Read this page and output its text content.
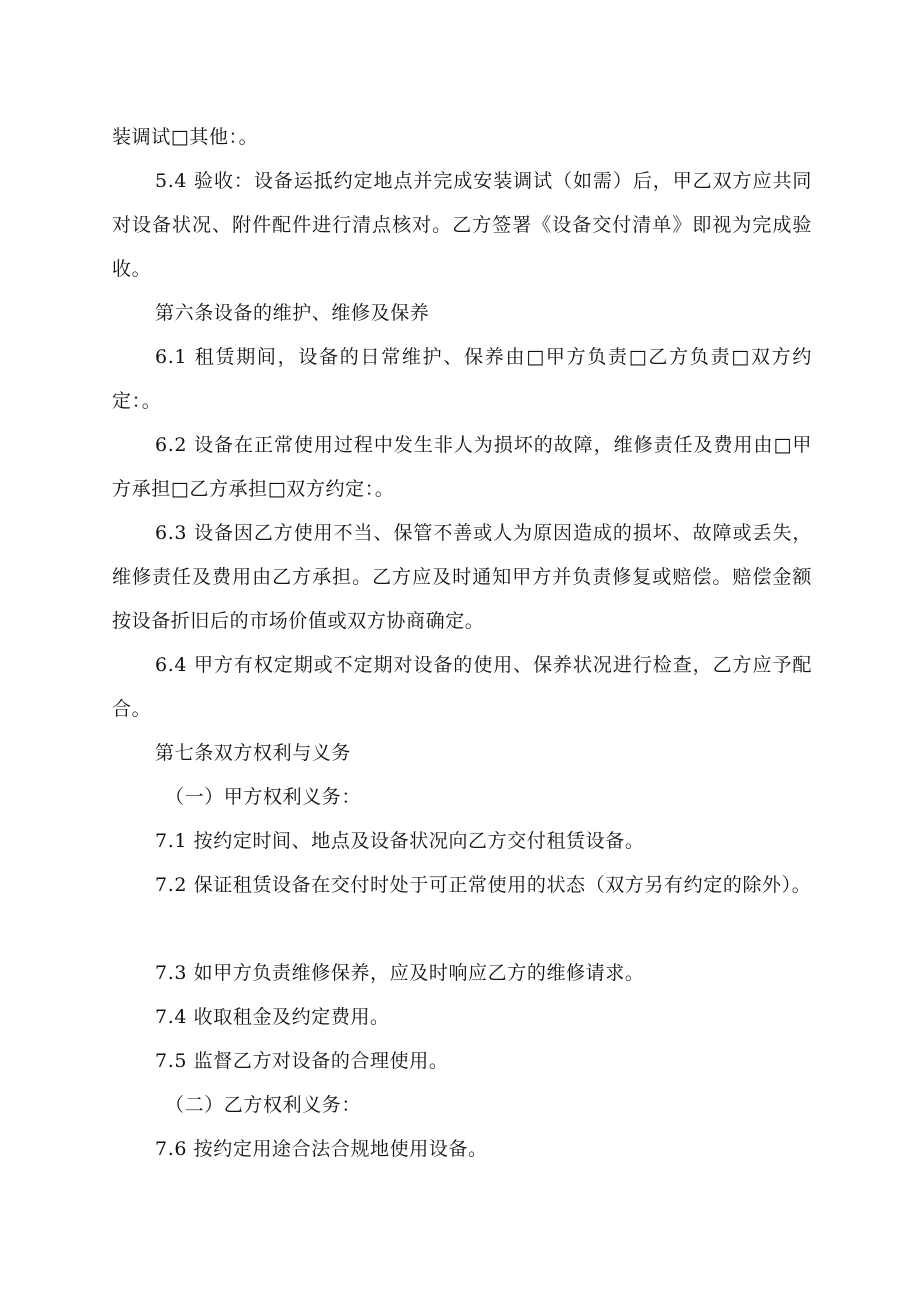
装调试□其他：。

5.4 验收：设备运抵约定地点并完成安装调试（如需）后，甲乙双方应共同对设备状况、附件配件进行清点核对。乙方签署《设备交付清单》即视为完成验收。

第六条设备的维护、维修及保养

6.1 租赁期间，设备的日常维护、保养由□甲方负责□乙方负责□双方约定：。

6.2 设备在正常使用过程中发生非人为损坏的故障，维修责任及费用由□甲方承担□乙方承担□双方约定：。

6.3 设备因乙方使用不当、保管不善或人为原因造成的损坏、故障或丢失，维修责任及费用由乙方承担。乙方应及时通知甲方并负责修复或赔偿。赔偿金额按设备折旧后的市场价值或双方协商确定。

6.4 甲方有权定期或不定期对设备的使用、保养状况进行检查，乙方应予配合。

第七条双方权利与义务

（一）甲方权利义务：

7.1 按约定时间、地点及设备状况向乙方交付租赁设备。

7.2 保证租赁设备在交付时处于可正常使用的状态（双方另有约定的除外）。

7.3 如甲方负责维修保养，应及时响应乙方的维修请求。

7.4 收取租金及约定费用。

7.5 监督乙方对设备的合理使用。

（二）乙方权利义务：

7.6 按约定用途合法合规地使用设备。
